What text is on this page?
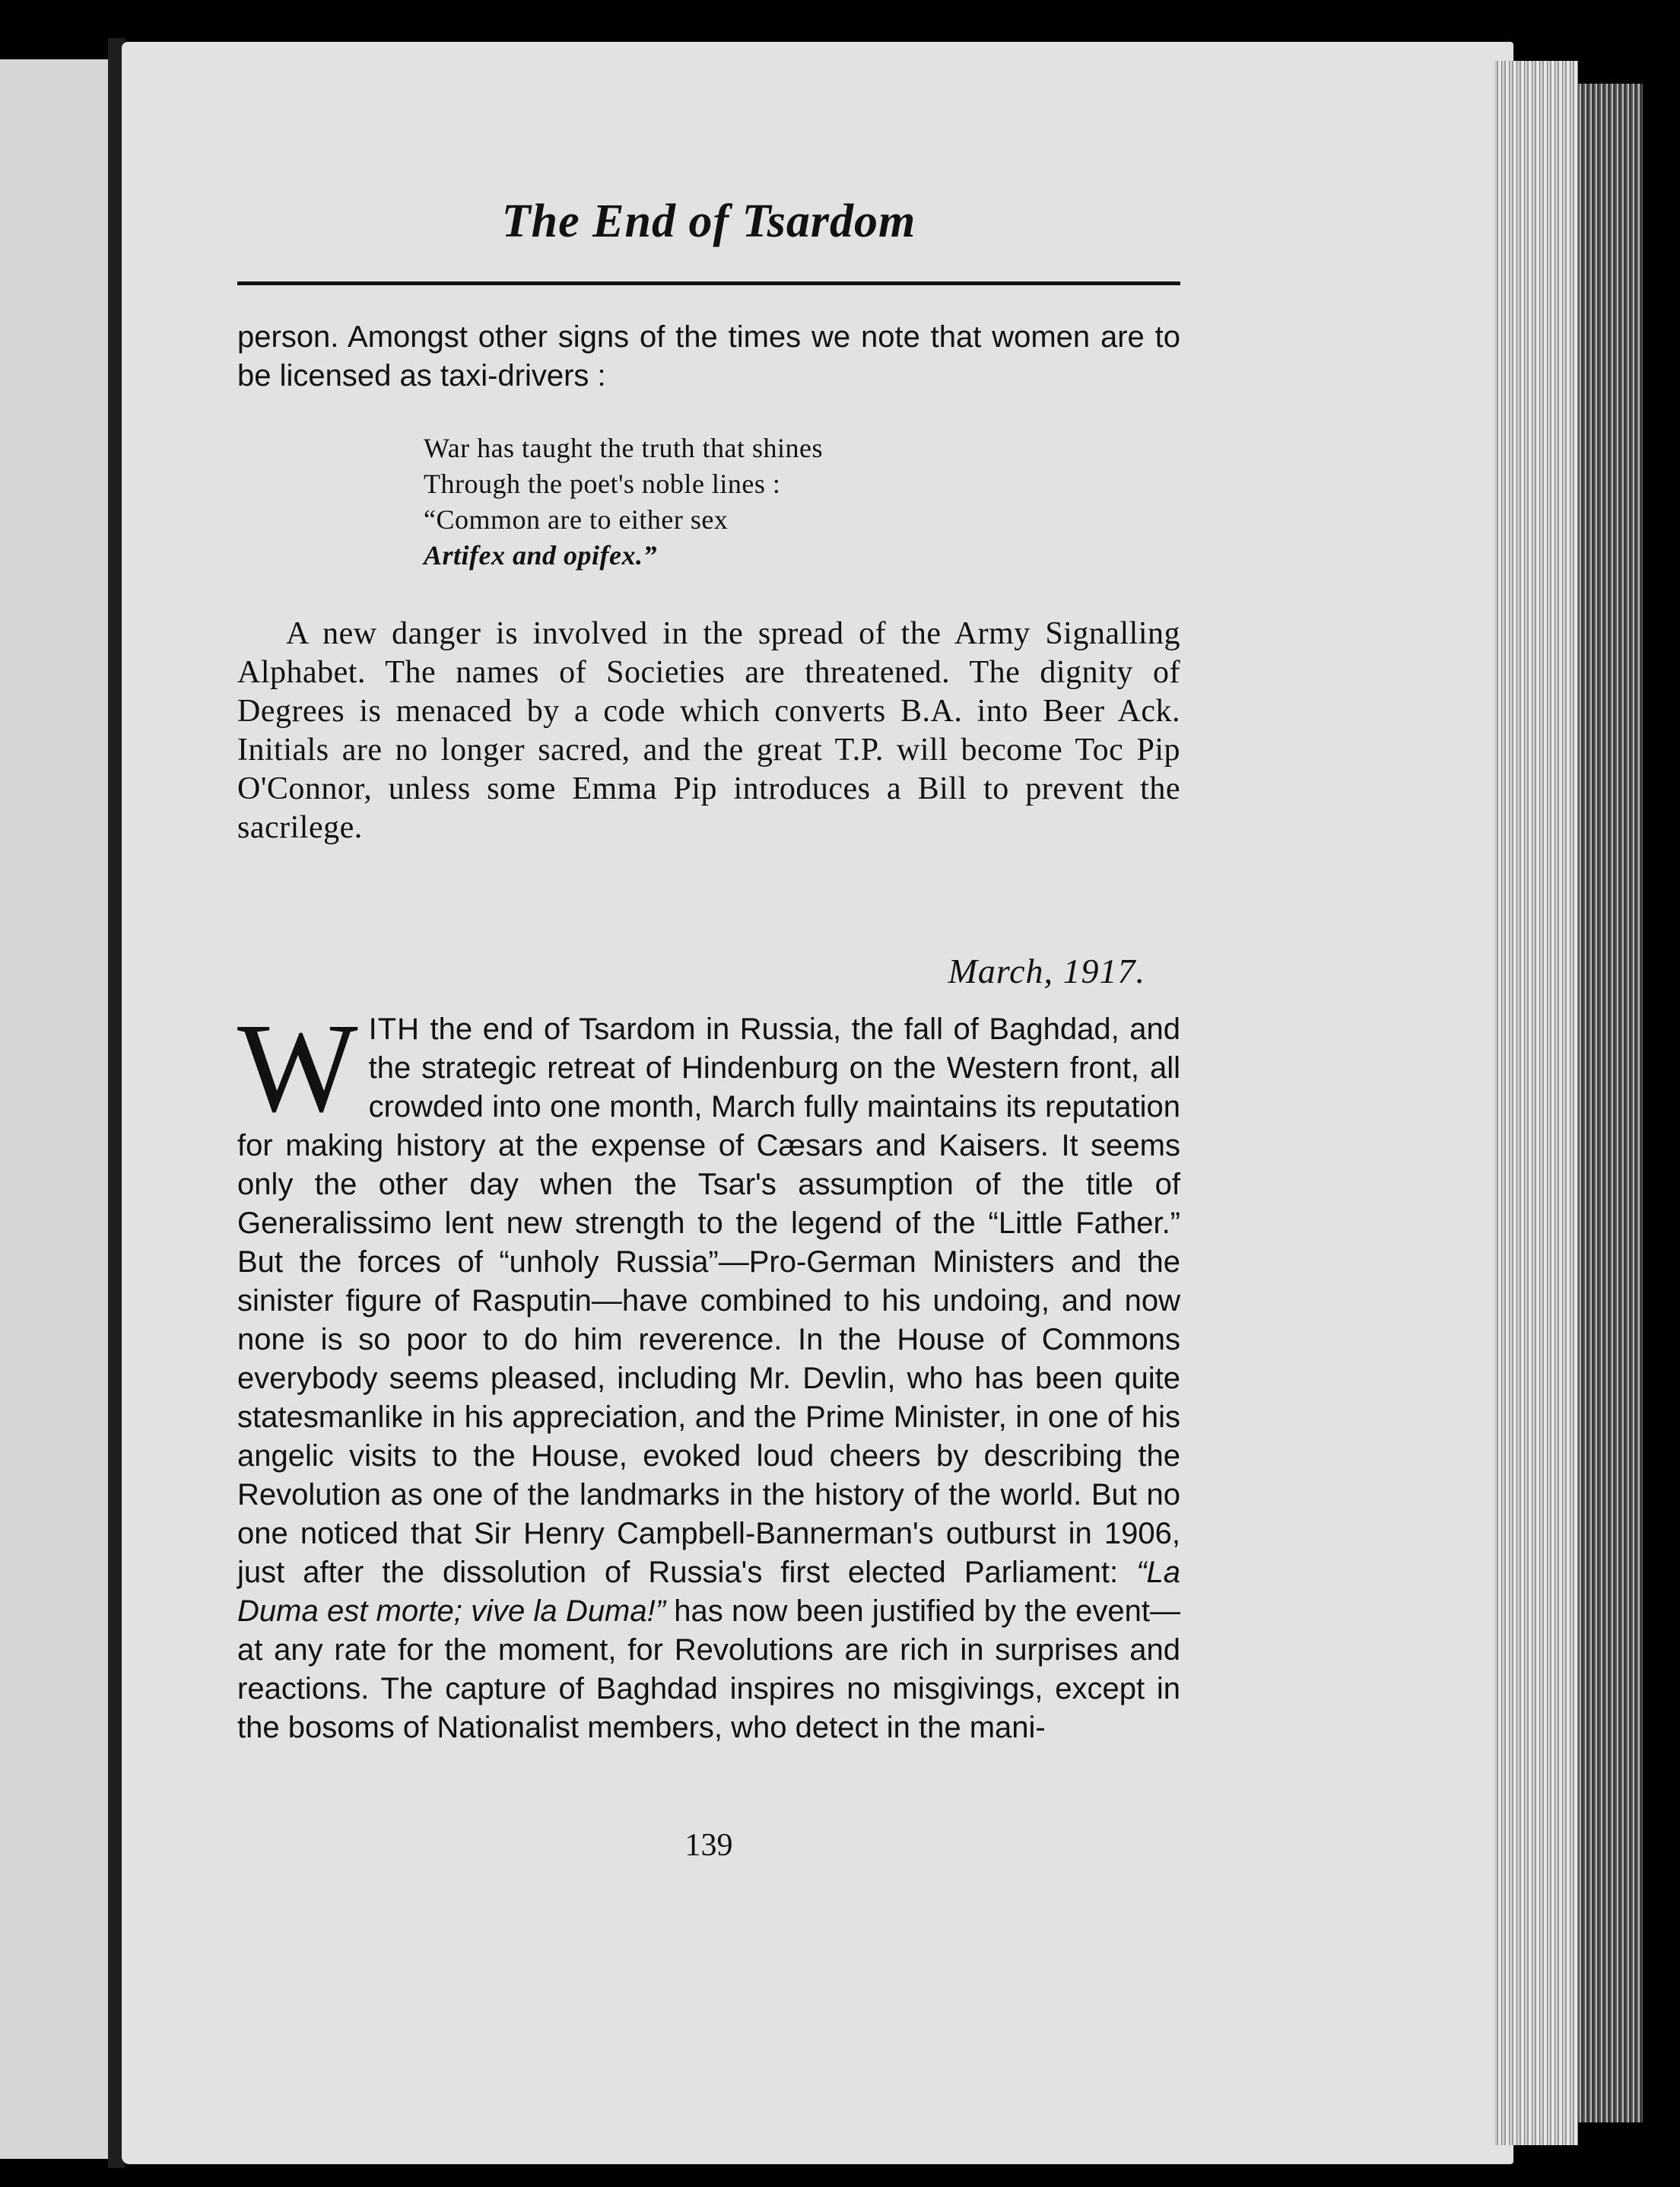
The End of Tsardom

person. Amongst other signs of the times we note that women are to be licensed as taxi-drivers :

War has taught the truth that shines
Through the poet's noble lines :
“Common are to either sex
Artifex and opifex.”

A new danger is involved in the spread of the Army Signalling Alphabet. The names of Societies are threatened. The dignity of Degrees is menaced by a code which converts B.A. into Beer Ack. Initials are no longer sacred, and the great T.P. will become Toc Pip O'Connor, unless some Emma Pip introduces a Bill to prevent the sacrilege.

March, 1917.

WITH the end of Tsardom in Russia, the fall of Baghdad, and the strategic retreat of Hindenburg on the Western front, all crowded into one month, March fully maintains its reputation for making history at the expense of Cæsars and Kaisers. It seems only the other day when the Tsar's assumption of the title of Generalissimo lent new strength to the legend of the “Little Father.” But the forces of “unholy Russia”—Pro-German Ministers and the sinister figure of Rasputin—have combined to his undoing, and now none is so poor to do him reverence. In the House of Commons everybody seems pleased, including Mr. Devlin, who has been quite statesmanlike in his appreciation, and the Prime Minister, in one of his angelic visits to the House, evoked loud cheers by describing the Revolution as one of the landmarks in the history of the world. But no one noticed that Sir Henry Campbell-Bannerman's outburst in 1906, just after the dissolution of Russia's first elected Parliament: “La Duma est morte; vive la Duma!” has now been justified by the event—at any rate for the moment, for Revolutions are rich in surprises and reactions. The capture of Baghdad inspires no misgivings, except in the bosoms of Nationalist members, who detect in the mani-

139
